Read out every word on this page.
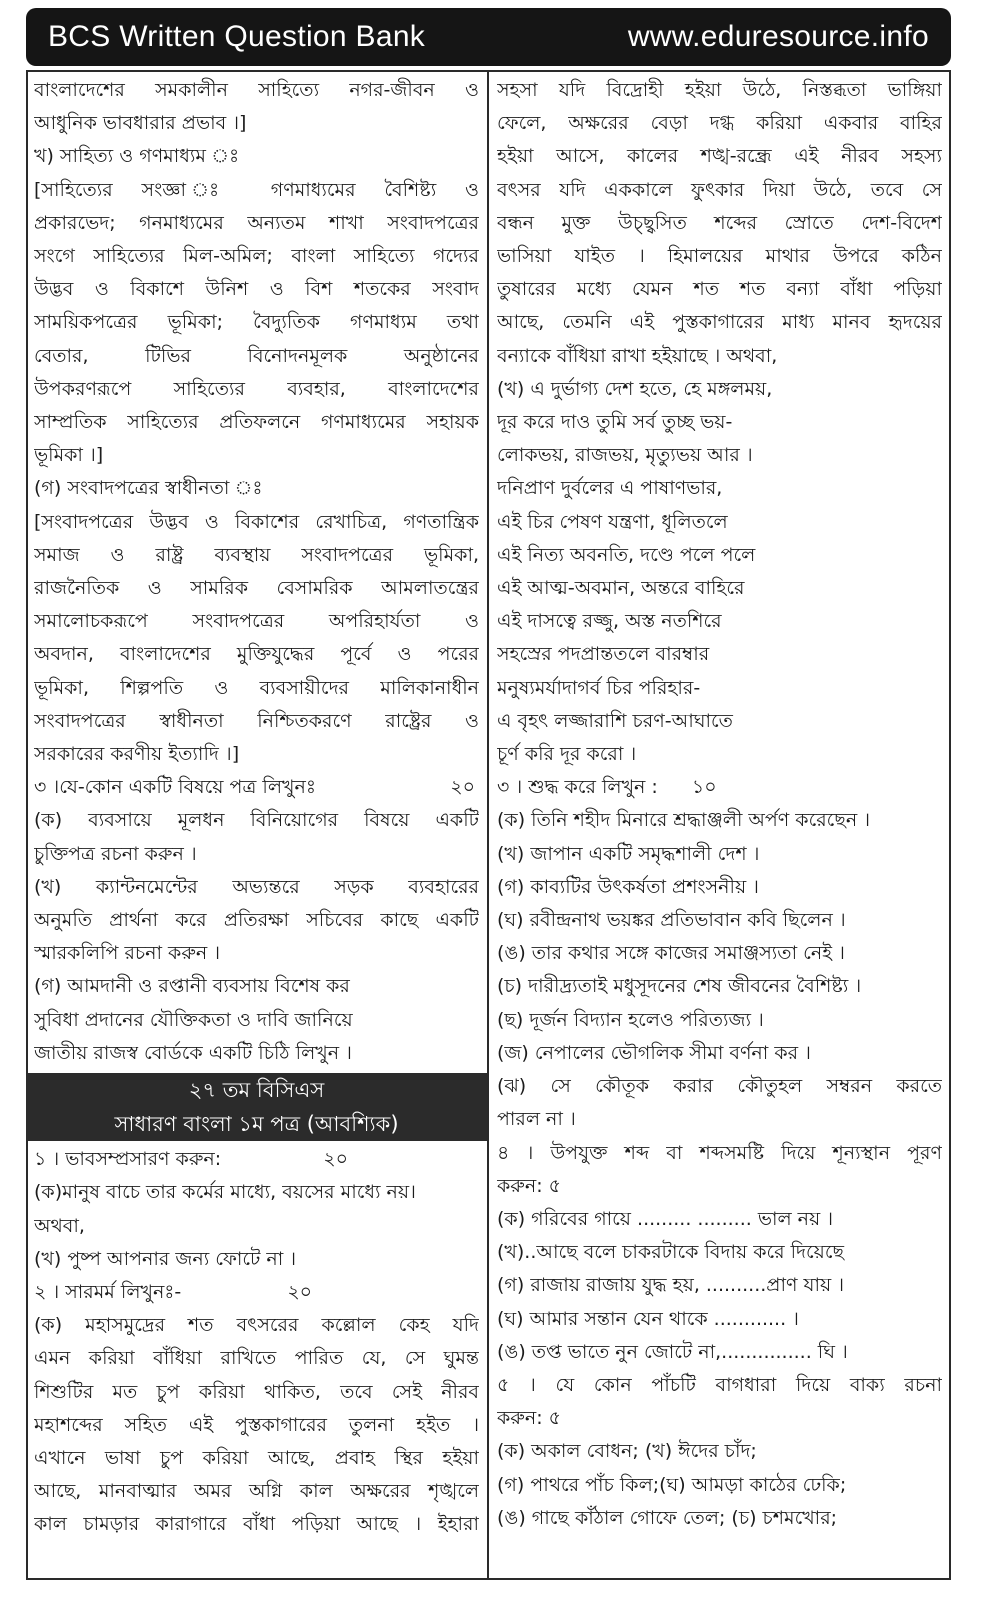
BCS Written Question Bank	www.eduresource.info
বাংলাদেশের সমকালীন সাহিত্যে নগর-জীবন ও
আধুনিক ভাবধারার প্রভাব ।]
খ) সাহিত্য ও গণমাধ্যম ঃ
[সাহিত্যের সংজ্ঞা ঃ গণমাধ্যমের বৈশিষ্ট্য ও
প্রকারভেদ; গনমাধ্যমের অন্যতম শাখা সংবাদপত্রের
সংগে সাহিত্যের মিল-অমিল; বাংলা সাহিত্যে গদ্যের
উদ্ভব ও বিকাশে উনিশ ও বিশ শতকের সংবাদ
সাময়িকপত্রের ভূমিকা; বৈদ্যুতিক গণমাধ্যম তথা
বেতার, টিভির বিনোদনমূলক অনুষ্ঠানের
উপকরণরূপে সাহিত্যের ব্যবহার, বাংলাদেশের
সাম্প্রতিক সাহিত্যের প্রতিফলনে গণমাধ্যমের সহায়ক
ভূমিকা ।]
(গ) সংবাদপত্রের স্বাধীনতা ঃ
[সংবাদপত্রের উদ্ভব ও বিকাশের রেখাচিত্র, গণতান্ত্রিক
সমাজ ও রাষ্ট্র ব্যবস্থায় সংবাদপত্রের ভূমিকা,
রাজনৈতিক ও সামরিক বেসামরিক আমলাতন্ত্রের
সমালোচকরূপে সংবাদপত্রের অপরিহার্যতা ও
অবদান, বাংলাদেশের মুক্তিযুদ্ধের পূর্বে ও পরের
ভূমিকা, শিল্পপতি ও ব্যবসায়ীদের মালিকানাধীন
সংবাদপত্রের স্বাধীনতা নিশ্চিতকরণে রাষ্ট্রের ও
সরকারের করণীয় ইত্যাদি ।]
৩ ।যে-কোন একটি বিষয়ে পত্র লিখুনঃ	২০
(ক) ব্যবসায়ে মূলধন বিনিয়োগের বিষয়ে একটি
চুক্তিপত্র রচনা করুন ।
(খ) ক্যান্টনমেন্টের অভ্যন্তরে সড়ক ব্যবহারের
অনুমতি প্রার্থনা করে প্রতিরক্ষা সচিবের কাছে একটি
স্মারকলিপি রচনা করুন ।
(গ) আমদানী ও রপ্তানী ব্যবসায় বিশেষ কর
সুবিধা প্রদানের যৌক্তিকতা ও দাবি জানিয়ে
জাতীয় রাজস্ব বোর্ডকে একটি চিঠি লিখুন ।
২৭ তম বিসিএস
সাধারণ বাংলা ১ম পত্র (আবশ্যিক)
১ । ভাবসম্প্রসারণ করুন:	২০
(ক)মানুষ বাচে তার কর্মের মাধ্যে, বয়সের মাধ্যে নয়।
অথবা,
(খ) পুষ্প আপনার জন্য ফোটে না ।
২ । সারমর্ম লিখুনঃ-	২০
(ক) মহাসমুদ্রের শত বৎসরের কল্লোল কেহ যদি
এমন করিয়া বাঁধিয়া রাখিতে পারিত যে, সে ঘুমন্ত
শিশুটির মত চুপ করিয়া থাকিত, তবে সেই নীরব
মহাশব্দের সহিত এই পুস্তকাগারের তুলনা হইত ।
এখানে ভাষা চুপ করিয়া আছে, প্রবাহ স্থির হইয়া
আছে, মানবাত্মার অমর অগ্নি কাল অক্ষরের শৃঙ্খলে
কাল চামড়ার কারাগারে বাঁধা পড়িয়া আছে । ইহারা
সহসা যদি বিদ্রোহী হইয়া উঠে, নিস্তব্ধতা ভাঙ্গিয়া
ফেলে, অক্ষরের বেড়া দগ্ধ করিয়া একবার বাহির
হইয়া আসে, কালের শঙ্খ-রন্ধ্রে এই নীরব সহস্য
বৎসর যদি এককালে ফুৎকার দিয়া উঠে, তবে সে
বন্ধন মুক্ত উচ্ছ্বসিত শব্দের স্রোতে দেশ-বিদেশ
ভাসিয়া যাইত । হিমালয়ের মাথার উপরে কঠিন
তুষারের মধ্যে যেমন শত শত বন্যা বাঁধা পড়িয়া
আছে, তেমনি এই পুস্তকাগারের মাধ্য মানব হৃদয়ের
বন্যাকে বাঁধিয়া রাখা হইয়াছে । অথবা,
(খ) এ দুর্ভাগ্য দেশ হতে, হে মঙ্গলময়,
দূর করে দাও তুমি সর্ব তুচ্ছ ভয়-
লোকভয়, রাজভয়, মৃত্যুভয় আর ।
দনিপ্রাণ দুর্বলের এ পাষাণভার,
এই চির পেষণ যন্ত্রণা, ধূলিতলে
এই নিত্য অবনতি, দণ্ডে পলে পলে
এই আত্ম-অবমান, অন্তরে বাহিরে
এই দাসত্বে রজ্জু, অস্ত নতশিরে
সহস্রের পদপ্রান্ততলে বারম্বার
মনুষ্যমর্যাদাগর্ব চির পরিহার-
এ বৃহৎ লজ্জারাশি চরণ-আঘাতে
চূর্ণ করি দূর করো ।
৩ । শুদ্ধ করে লিখুন : ১০
(ক) তিনি শহীদ মিনারে শ্রদ্ধাঞ্জলী অর্পণ করেছেন ।
(খ) জাপান একটি সমৃদ্ধশালী দেশ ।
(গ) কাব্যটির উৎকর্ষতা প্রশংসনীয় ।
(ঘ) রবীন্দ্রনাথ ভয়ঙ্কর প্রতিভাবান কবি ছিলেন ।
(ঙ) তার কথার সঙ্গে কাজের সমাঞ্জস্যতা নেই ।
(চ) দারীদ্র্যতাই মধুসূদনের শেষ জীবনের বৈশিষ্ট্য ।
(ছ) দূর্জন বিদ্যান হলেও পরিত্যজ্য ।
(জ) নেপালের ভৌগলিক সীমা বর্ণনা কর ।
(ঝ) সে কৌতূক করার কৌতুহল সম্বরন করতে
পারল না ।
৪ । উপযুক্ত শব্দ বা শব্দসমষ্টি দিয়ে শূন্যস্থান পূরণ
করুন: ৫
(ক) গরিবের গায়ে ......... ......... ভাল নয় ।
(খ)..আছে বলে চাকরটাকে বিদায় করে দিয়েছে
(গ) রাজায় রাজায় যুদ্ধ হয়, ..........প্রাণ যায় ।
(ঘ) আমার সন্তান যেন থাকে ............ ।
(ঙ) তপ্ত ভাতে নুন জোটে না,............... ঘি ।
৫ । যে কোন পাঁচটি বাগধারা দিয়ে বাক্য রচনা
করুন: ৫
(ক) অকাল বোধন; (খ) ঈদের চাঁদ;
(গ) পাথরে পাঁচ কিল;(ঘ) আমড়া কাঠের ঢেকি;
(ঙ) গাছে কাঁঠাল গোফে তেল; (চ) চশমখোর;
